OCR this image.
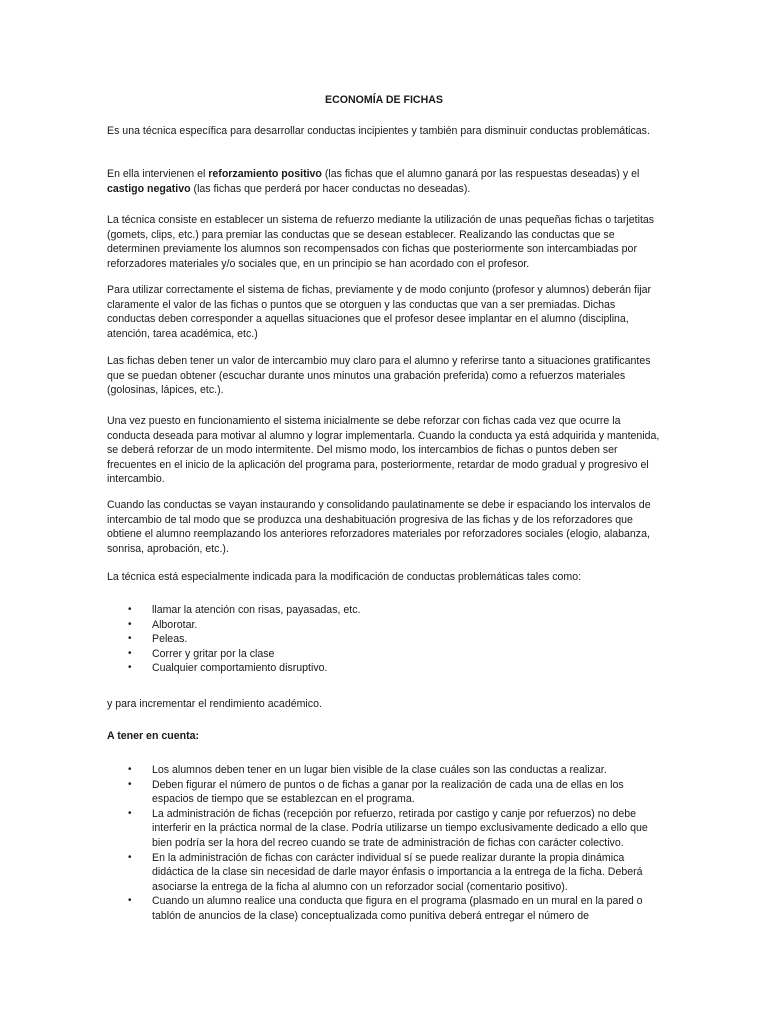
ECONOMÍA DE FICHAS

Es una técnica específica para desarrollar conductas incipientes y también para disminuir conductas problemáticas.

En ella intervienen el reforzamiento positivo (las fichas que el alumno ganará por las respuestas deseadas) y el castigo negativo (las fichas que perderá por hacer conductas no deseadas).

La técnica consiste en establecer un sistema de refuerzo mediante la utilización de unas pequeñas fichas o tarjetitas (gomets, clips, etc.) para premiar las conductas que se desean establecer. Realizando las conductas que se determinen previamente los alumnos son recompensados con fichas que posteriormente son intercambiadas por reforzadores materiales y/o sociales que, en un principio se han acordado con el profesor.

Para utilizar correctamente el sistema de fichas, previamente y de modo conjunto (profesor y alumnos) deberán fijar claramente el valor de las fichas o puntos que se otorguen y las conductas que van a ser premiadas. Dichas conductas deben corresponder a aquellas situaciones que el profesor desee implantar en el alumno (disciplina, atención, tarea académica, etc.)

Las fichas deben tener un valor de intercambio muy claro para el alumno y referirse tanto a situaciones gratificantes que se puedan obtener (escuchar durante unos minutos una grabación preferida) como a refuerzos materiales (golosinas, lápices, etc.).

Una vez puesto en funcionamiento el sistema inicialmente se debe reforzar con fichas cada vez que ocurre la conducta deseada para motivar al alumno y lograr implementarla. Cuando la conducta ya está adquirida y mantenida, se deberá reforzar de un modo intermitente. Del mismo modo, los intercambios de fichas o puntos deben ser frecuentes en el inicio de la aplicación del programa para, posteriormente, retardar de modo gradual y progresivo el intercambio.

Cuando las conductas se vayan instaurando y consolidando paulatinamente se debe ir espaciando los intervalos de intercambio de tal modo que se produzca una deshabituación progresiva de las fichas y de los reforzadores que obtiene el alumno reemplazando los anteriores reforzadores materiales por reforzadores sociales (elogio, alabanza, sonrisa, aprobación, etc.).

La técnica está especialmente indicada para la modificación de conductas problemáticas tales como:

•	llamar la atención con risas, payasadas, etc.
•	Alborotar.
•	Peleas.
•	Correr y gritar por la clase
•	Cualquier comportamiento disruptivo.

y para incrementar el rendimiento académico.

A tener en cuenta:

•	Los alumnos deben tener en un lugar bien visible de la clase cuáles son las conductas a realizar.
•	Deben figurar el número de puntos o de fichas a ganar por la realización de cada una de ellas en los espacios de tiempo que se establezcan en el programa.
•	La administración de fichas (recepción por refuerzo, retirada por castigo y canje por refuerzos) no debe interferir en la práctica normal de la clase. Podría utilizarse un tiempo exclusivamente dedicado a ello que bien podría ser la hora del recreo cuando se trate de administración de fichas con carácter colectivo.
•	En la administración de fichas con carácter individual sí se puede realizar durante la propia dinámica didáctica de la clase sin necesidad de darle mayor énfasis o importancia a la entrega de la ficha. Deberá asociarse la entrega de la ficha al alumno con un reforzador social (comentario positivo).
•	Cuando un alumno realice una conducta que figura en el programa (plasmado en un mural en la pared o tablón de anuncios de la clase) conceptualizada como punitiva deberá entregar el número de
